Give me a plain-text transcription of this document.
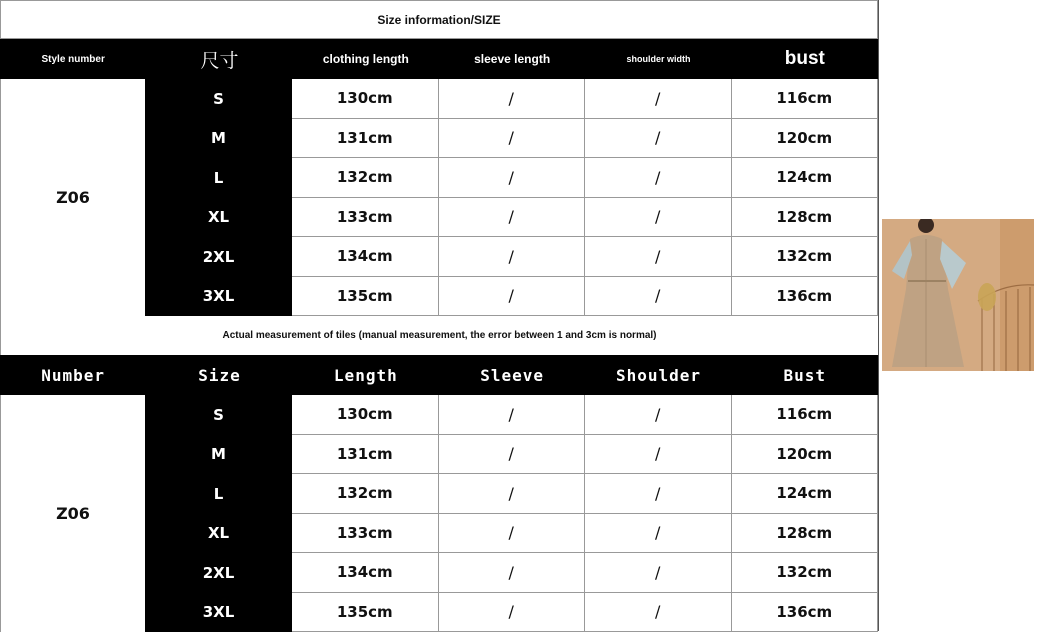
Size information/SIZE
Style number	尺寸	clothing length	sleeve length	shoulder width	bust
Z06
S	130cm	/	/	116cm
M	131cm	/	/	120cm
L	132cm	/	/	124cm
XL	133cm	/	/	128cm
2XL	134cm	/	/	132cm
3XL	135cm	/	/	136cm
Actual measurement of tiles (manual measurement, the error between 1 and 3cm is normal)
Number	Size	Length	Sleeve	Shoulder	Bust
Z06
S	130cm	/	/	116cm
M	131cm	/	/	120cm
L	132cm	/	/	124cm
XL	133cm	/	/	128cm
2XL	134cm	/	/	132cm
3XL	135cm	/	/	136cm
